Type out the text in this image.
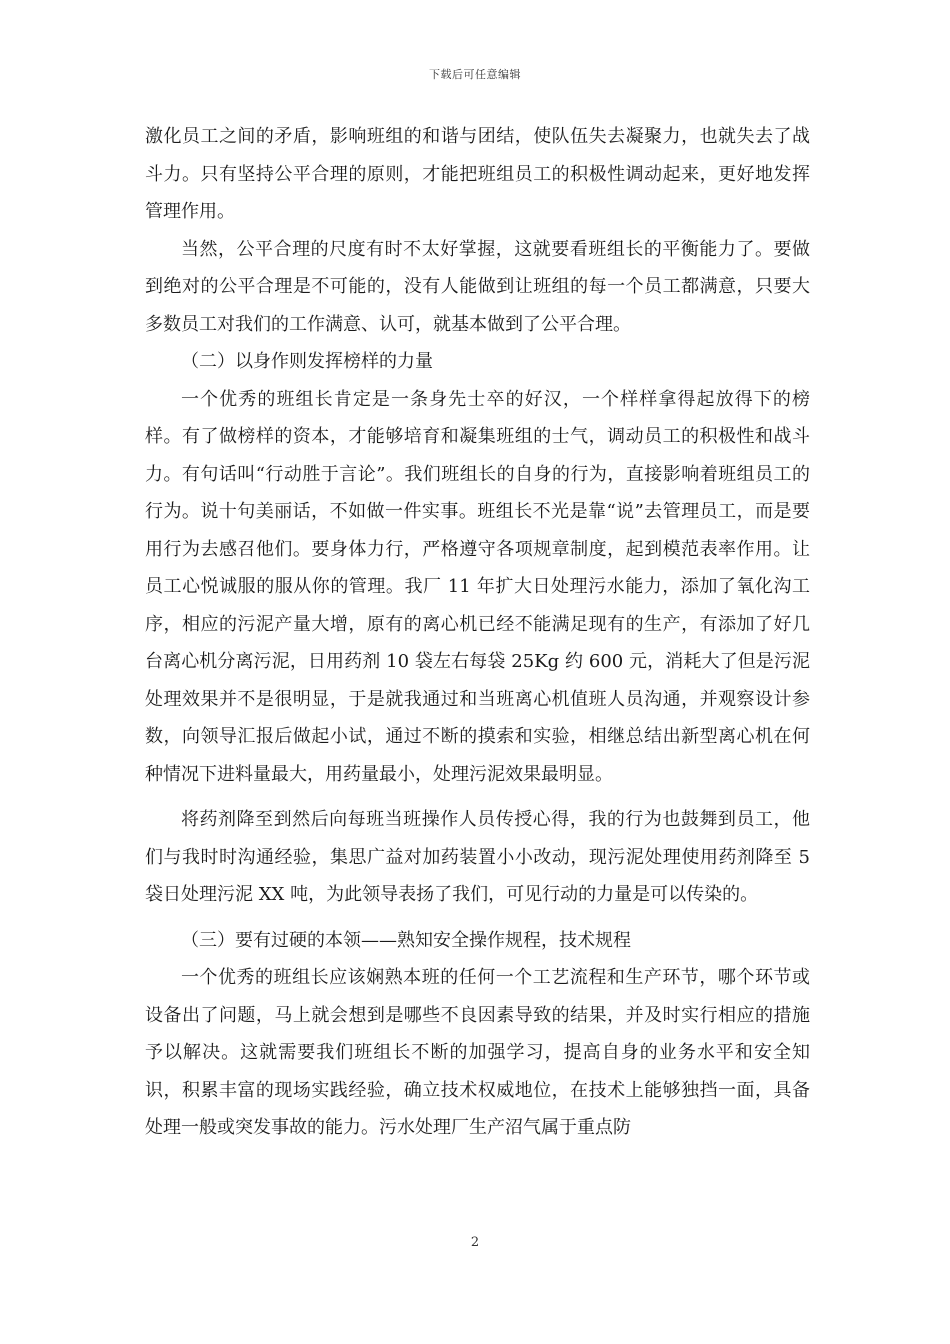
下载后可任意编辑

激化员工之间的矛盾，影响班组的和谐与团结，使队伍失去凝聚力，也就失去了战斗力。只有坚持公平合理的原则，才能把班组员工的积极性调动起来，更好地发挥管理作用。

当然，公平合理的尺度有时不太好掌握，这就要看班组长的平衡能力了。要做到绝对的公平合理是不可能的，没有人能做到让班组的每一个员工都满意，只要大多数员工对我们的工作满意、认可，就基本做到了公平合理。

（二）以身作则发挥榜样的力量

一个优秀的班组长肯定是一条身先士卒的好汉，一个样样拿得起放得下的榜样。有了做榜样的资本，才能够培育和凝集班组的士气，调动员工的积极性和战斗力。有句话叫“行动胜于言论”。我们班组长的自身的行为，直接影响着班组员工的行为。说十句美丽话，不如做一件实事。班组长不光是靠“说”去管理员工，而是要用行为去感召他们。要身体力行，严格遵守各项规章制度，起到模范表率作用。让员工心悦诚服的服从你的管理。我厂 11 年扩大日处理污水能力，添加了氧化沟工序，相应的污泥产量大增，原有的离心机已经不能满足现有的生产，有添加了好几台离心机分离污泥，日用药剂 10 袋左右每袋 25Kg 约 600 元，消耗大了但是污泥处理效果并不是很明显，于是就我通过和当班离心机值班人员沟通，并观察设计参数，向领导汇报后做起小试，通过不断的摸索和实验，相继总结出新型离心机在何种情况下进料量最大，用药量最小，处理污泥效果最明显。

将药剂降至到然后向每班当班操作人员传授心得，我的行为也鼓舞到员工，他们与我时时沟通经验，集思广益对加药装置小小改动，现污泥处理使用药剂降至 5 袋日处理污泥 XX 吨，为此领导表扬了我们，可见行动的力量是可以传染的。

（三）要有过硬的本领——熟知安全操作规程，技术规程

一个优秀的班组长应该娴熟本班的任何一个工艺流程和生产环节，哪个环节或设备出了问题，马上就会想到是哪些不良因素导致的结果，并及时实行相应的措施予以解决。这就需要我们班组长不断的加强学习，提高自身的业务水平和安全知识，积累丰富的现场实践经验，确立技术权威地位，在技术上能够独挡一面，具备处理一般或突发事故的能力。污水处理厂生产沼气属于重点防

2
